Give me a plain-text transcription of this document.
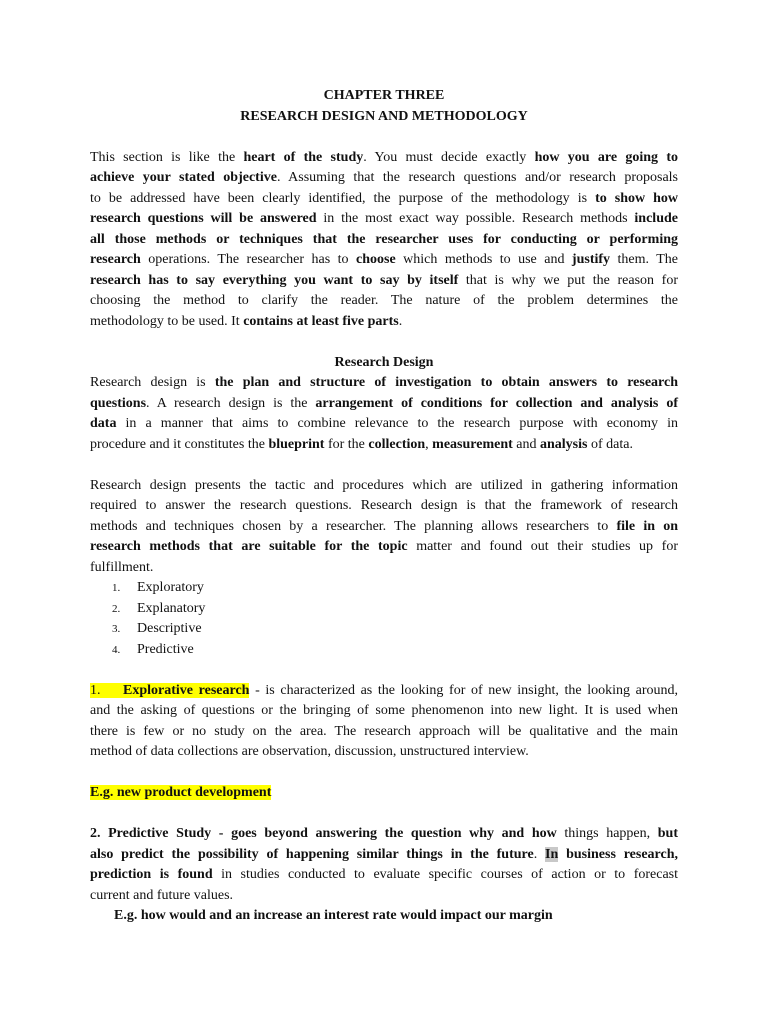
CHAPTER THREE
RESEARCH DESIGN AND METHODOLOGY
This section is like the heart of the study. You must decide exactly how you are going to
achieve your stated objective. Assuming that the research questions and/or research proposals
to be addressed have been clearly identified, the purpose of the methodology is to show how
research questions will be answered in the most exact way possible. Research methods include
all those methods or techniques that the researcher uses for conducting or performing
research operations. The researcher has to choose which methods to use and justify them. The
research has to say everything you want to say by itself that is why we put the reason for
choosing the method to clarify the reader. The nature of the problem determines the
methodology to be used. It contains at least five parts.
Research Design
Research design is the plan and structure of investigation to obtain answers to research
questions. A research design is the arrangement of conditions for collection and analysis of
data in a manner that aims to combine relevance to the research purpose with economy in
procedure and it constitutes the blueprint for the collection, measurement and analysis of data.
Research design presents the tactic and procedures which are utilized in gathering information
required to answer the research questions. Research design is that the framework of research
methods and techniques chosen by a researcher. The planning allows researchers to file in on
research methods that are suitable for the topic matter and found out their studies up for
fulfillment.
1. Exploratory
2. Explanatory
3. Descriptive
4. Predictive
1. Explorative research - is characterized as the looking for of new insight, the looking around,
and the asking of questions or the bringing of some phenomenon into new light. It is used when
there is few or no study on the area. The research approach will be qualitative and the main
method of data collections are observation, discussion, unstructured interview.
E.g. new product development
2. Predictive Study - goes beyond answering the question why and how things happen, but
also predict the possibility of happening similar things in the future. In business research,
prediction is found in studies conducted to evaluate specific courses of action or to forecast
current and future values.
E.g. how would and an increase an interest rate would impact our margin
